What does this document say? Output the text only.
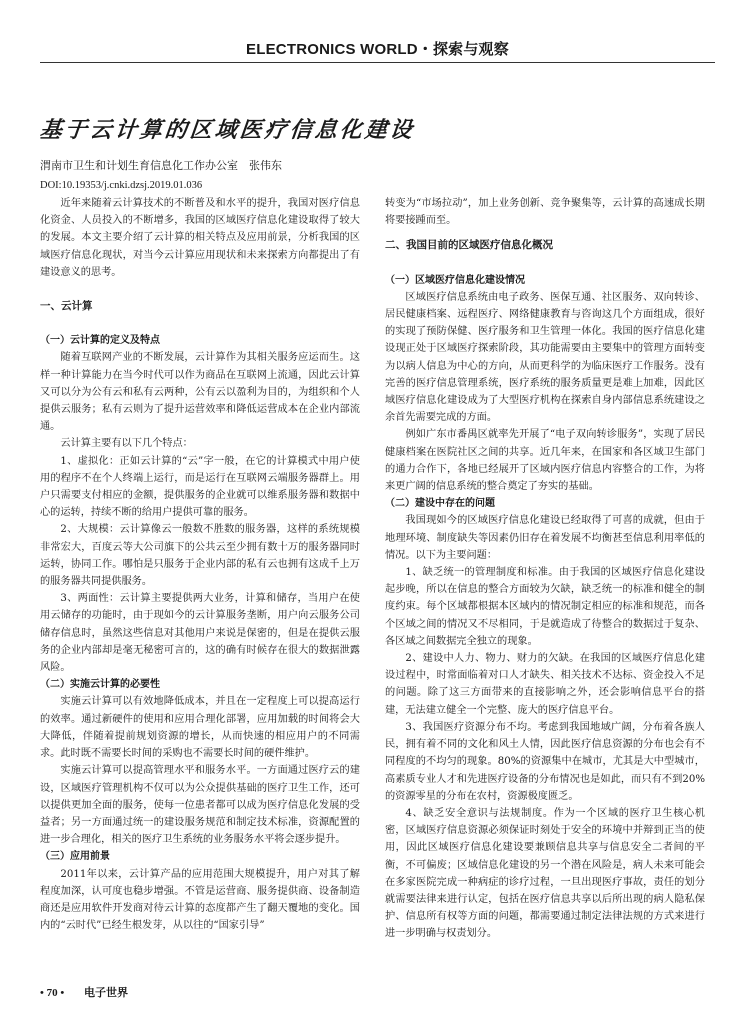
ELECTRONICS WORLD・探索与观察
基于云计算的区域医疗信息化建设
渭南市卫生和计划生育信息化工作办公室　张伟东
DOI:10.19353/j.cnki.dzsj.2019.01.036

近年来随着云计算技术的不断普及和水平的提升，我国对医疗信息化资金、人员投入的不断增多，我国的区域医疗信息化建设取得了较大的发展。本文主要介绍了云计算的相关特点及应用前景，分析我国的区域医疗信息化现状，对当今云计算应用现状和未来探索方向都提出了有建设意义的思考。

一、云计算
（一）云计算的定义及特点

随着互联网产业的不断发展，云计算作为其相关服务应运而生。这样一种计算能力在当今时代可以作为商品在互联网上流通，因此云计算又可以分为公有云和私有云两种，公有云以盈利为目的，为组织和个人提供云服务；私有云则为了提升运营效率和降低运营成本在企业内部流通。

云计算主要有以下几个特点：

1、虚拟化：正如云计算的“云”字一般，在它的计算模式中用户使用的程序不在个人终端上运行，而是运行在互联网云端服务器群上。用户只需要支付相应的金额，提供服务的企业就可以维系服务器和数据中心的运转，持续不断的给用户提供可靠的服务。

2、大规模：云计算像云一般数不胜数的服务器，这样的系统规模非常宏大，百度云等大公司旗下的公共云至少拥有数十万的服务器同时运转，协同工作。哪怕是只服务于企业内部的私有云也拥有这成千上万的服务器共同提供服务。

3、两面性：云计算主要提供两大业务，计算和储存，当用户在使用云储存的功能时，由于现如今的云计算服务垄断，用户向云服务公司储存信息时，虽然这些信息对其他用户来说是保密的，但是在提供云服务的企业内部却是毫无秘密可言的，这的确有时候存在很大的数据泄露风险。

（二）实施云计算的必要性

实施云计算可以有效地降低成本，并且在一定程度上可以提高运行的效率。通过新硬件的使用和应用合理化部署，应用加载的时间将会大大降低，伴随着提前规划资源的增长，从而快速的相应用户的不同需求。此时既不需要长时间的采购也不需要长时间的硬件维护。

实施云计算可以提高管理水平和服务水平。一方面通过医疗云的建设，区域医疗管理机构不仅可以为公众提供基础的医疗卫生工作，还可以提供更加全面的服务，使每一位患者都可以成为医疗信息化发展的受益者；另一方面通过统一的建设服务规范和制定技术标准，资源配置的进一步合理化，相关的医疗卫生系统的业务服务水平将会逐步提升。

（三）应用前景

2011年以来，云计算产品的应用范围大规模提升，用户对其了解程度加深，认可度也稳步增强。不管是运营商、服务提供商、设备制造商还是应用软件开发商对待云计算的态度都产生了翻天覆地的变化。国内的“云时代”已经生根发芽，从以往的“国家引导”

转变为“市场拉动”，加上业务创新、竞争聚集等，云计算的高速成长期将要接踵而至。

二、我国目前的区域医疗信息化概况
（一）区域医疗信息化建设情况

区域医疗信息系统由电子政务、医保互通、社区服务、双向转诊、居民健康档案、远程医疗、网络健康教育与咨询这几个方面组成，很好的实现了预防保健、医疗服务和卫生管理一体化。我国的医疗信息化建设现正处于区域医疗探索阶段，其功能需要由主要集中的管理方面转变为以病人信息为中心的方向，从而更科学的为临床医疗工作服务。没有完善的医疗信息管理系统，医疗系统的服务质量更是难上加难，因此区域医疗信息化建设成为了大型医疗机构在探索自身内部信息系统建设之余首先需要完成的方面。

例如广东市番禺区就率先开展了“电子双向转诊服务”，实现了居民健康档案在医院社区之间的共享。近几年来，在国家和各区域卫生部门的通力合作下，各地已经展开了区域内医疗信息内容整合的工作，为将来更广阔的信息系统的整合奠定了夯实的基础。

（二）建设中存在的问题

我国现如今的区域医疗信息化建设已经取得了可喜的成就，但由于地理环境、制度缺失等因素仍旧存在着发展不均衡甚至信息利用率低的情况。以下为主要问题：

1、缺乏统一的管理制度和标准。由于我国的区域医疗信息化建设起步晚，所以在信息的整合方面较为欠缺，缺乏统一的标准和健全的制度约束。每个区域都根据本区域内的情况制定相应的标准和规范，而各个区域之间的情况又不尽相同，于是就造成了待整合的数据过于复杂、各区域之间数据完全独立的现象。

2、建设中人力、物力、财力的欠缺。在我国的区域医疗信息化建设过程中，时常面临着对口人才缺失、相关技术不达标、资金投入不足的问题。除了这三方面带来的直接影响之外，还会影响信息平台的搭建，无法建立健全一个完整、庞大的医疗信息平台。

3、我国医疗资源分布不均。考虑到我国地域广阔，分布着各族人民，拥有着不同的文化和风土人情，因此医疗信息资源的分布也会有不同程度的不均匀的现象。80%的资源集中在城市，尤其是大中型城市，高素质专业人才和先进医疗设备的分布情况也是如此，而只有不到20%的资源零星的分布在农村，资源极度匮乏。

4、缺乏安全意识与法规制度。作为一个区域的医疗卫生核心机密，区域医疗信息资源必须保证时刻处于安全的环境中并辩到正当的使用，因此区域医疗信息化建设要兼顾信息共享与信息安全二者间的平衡，不可偏废；区域信息化建设的另一个潜在风险是，病人未来可能会在多家医院完成一种病症的诊疗过程，一旦出现医疗事故，责任的划分就需要法律来进行认定，包括在医疗信息共享以后所出现的病人隐私保护、信息所有权等方面的问题，都需要通过制定法律法规的方式来进行进一步明确与权责划分。

• 70 • 电子世界
